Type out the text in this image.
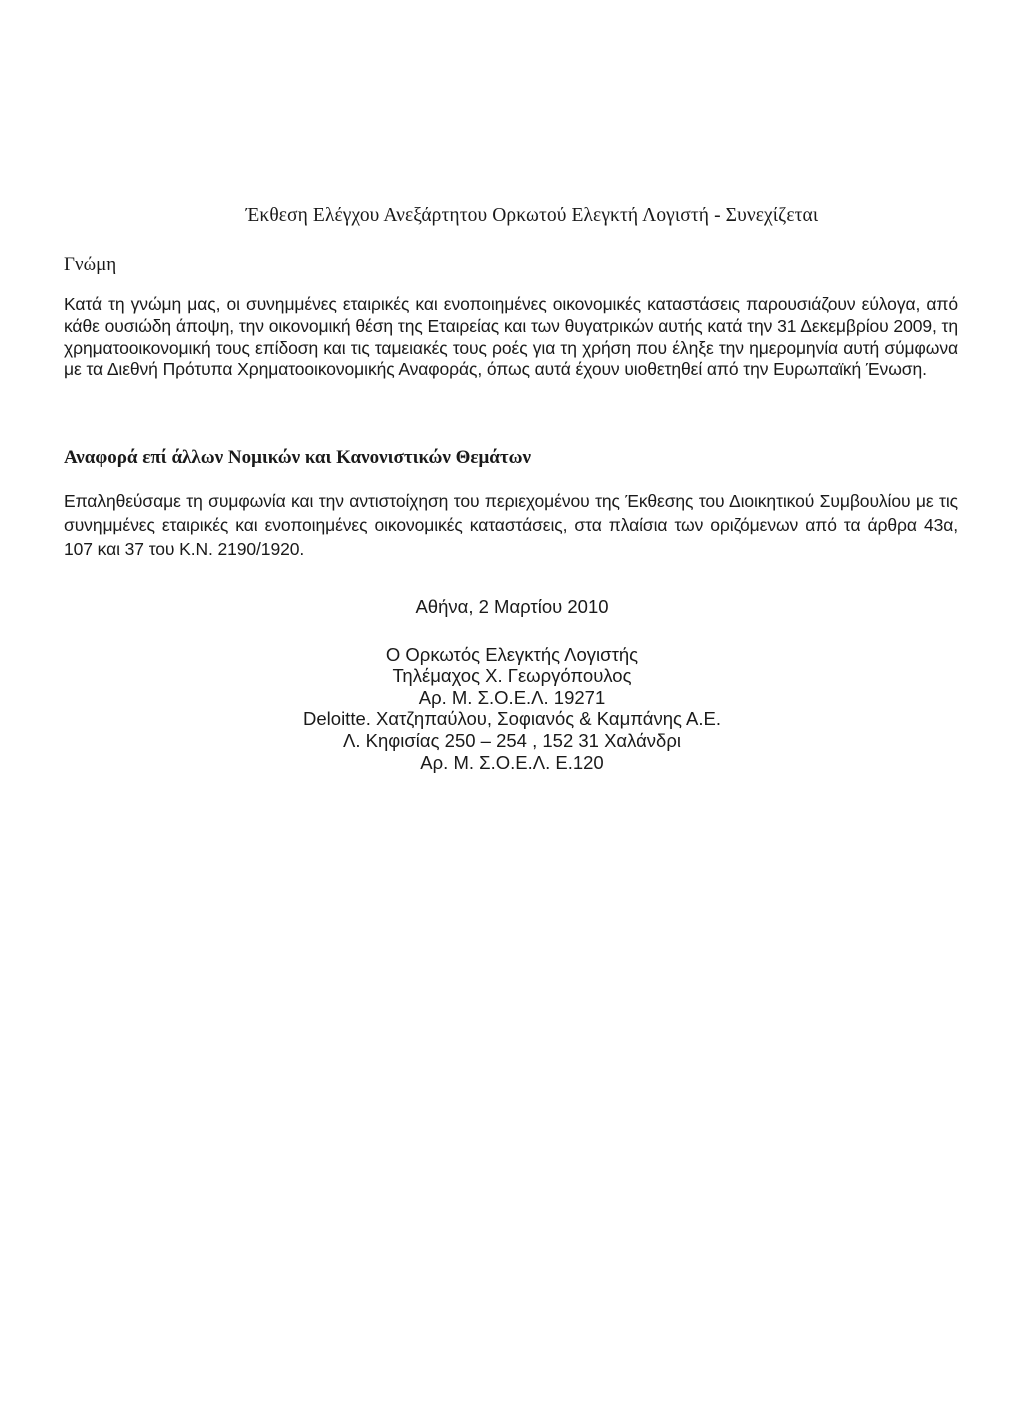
Έκθεση Ελέγχου Ανεξάρτητου Ορκωτού Ελεγκτή Λογιστή - Συνεχίζεται
Γνώμη
Κατά τη γνώμη μας, οι συνημμένες εταιρικές και ενοποιημένες οικονομικές καταστάσεις παρουσιάζουν εύλογα, από κάθε ουσιώδη άποψη, την οικονομική θέση της Εταιρείας και των θυγατρικών αυτής κατά την 31 Δεκεμβρίου 2009, τη χρηματοοικονομική τους επίδοση και τις ταμειακές τους ροές για τη χρήση που έληξε την ημερομηνία αυτή σύμφωνα με τα Διεθνή Πρότυπα Χρηματοοικονομικής Αναφοράς, όπως αυτά έχουν υιοθετηθεί από την Ευρωπαϊκή Ένωση.
Αναφορά επί άλλων Νομικών και Κανονιστικών Θεμάτων
Επαληθεύσαμε τη συμφωνία και την αντιστοίχηση του περιεχομένου της Έκθεσης του Διοικητικού Συμβουλίου με τις συνημμένες εταιρικές και ενοποιημένες οικονομικές καταστάσεις, στα πλαίσια των οριζόμενων από τα άρθρα 43α, 107 και 37 του Κ.Ν. 2190/1920.
Αθήνα, 2 Μαρτίου 2010
Ο Ορκωτός Ελεγκτής Λογιστής
Τηλέμαχος Χ. Γεωργόπουλος
Αρ. Μ. Σ.Ο.Ε.Λ. 19271
Deloitte. Χατζηπαύλου, Σοφιανός & Καμπάνης Α.Ε.
Λ. Κηφισίας 250 – 254 , 152 31 Χαλάνδρι
Αρ. Μ. Σ.Ο.Ε.Λ. Ε.120
